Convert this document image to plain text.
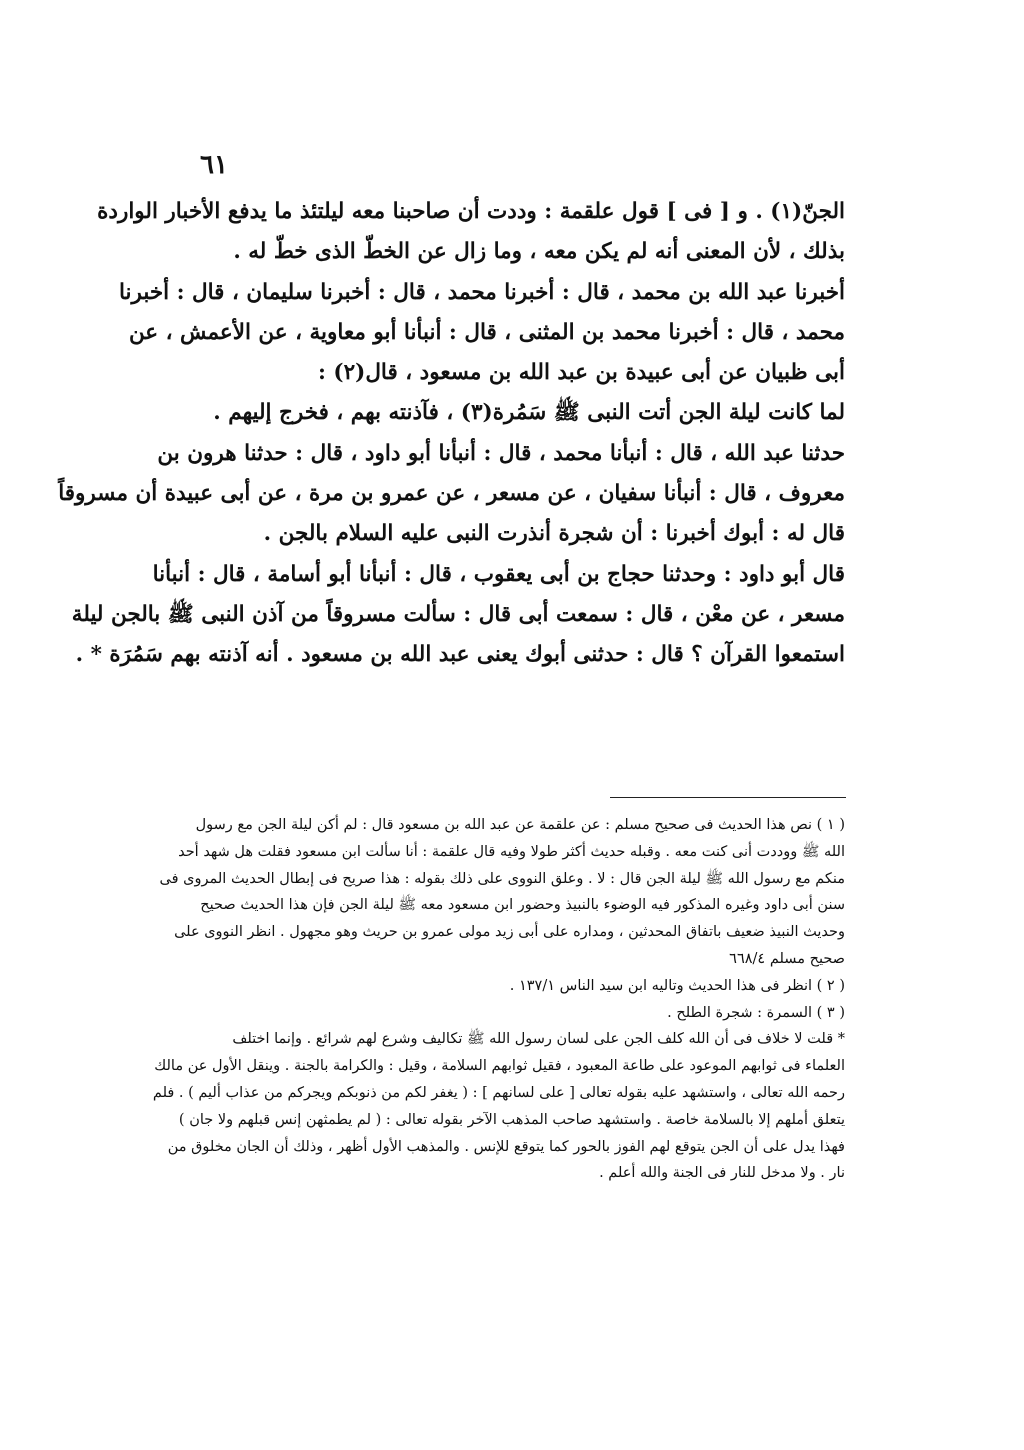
٦١
الجنّ(١) . و [ فى ] قول علقمة : وددت أن صاحبنا معه ليلتئذ ما يدفع الأخبار الواردة
بذلك ، لأن المعنى أنه لم يكن معه ، وما زال عن الخطّ الذى خطّ له .
أخبرنا عبد الله بن محمد ، قال : أخبرنا محمد ، قال : أخبرنا سليمان ، قال : أخبرنا
محمد ، قال : أخبرنا محمد بن المثنى ، قال : أنبأنا أبو معاوية ، عن الأعمش ، عن
أبى ظبيان عن أبى عبيدة بن عبد الله بن مسعود ، قال(٢) :
لما كانت ليلة الجن أتت النبى ﷺ سَمُرة(٣) ، فآذنته بهم ، فخرج إليهم .
حدثنا عبد الله ، قال : أنبأنا محمد ، قال : أنبأنا أبو داود ، قال : حدثنا هرون بن
معروف ، قال : أنبأنا سفيان ، عن مسعر ، عن عمرو بن مرة ، عن أبى عبيدة أن مسروقاً
قال له : أبوك أخبرنا : أن شجرة أنذرت النبى عليه السلام بالجن .
قال أبو داود : وحدثنا حجاج بن أبى يعقوب ، قال : أنبأنا أبو أسامة ، قال : أنبأنا
مسعر ، عن معْن ، قال : سمعت أبى قال : سألت مسروقاً من آذن النبى ﷺ بالجن ليلة
استمعوا القرآن ؟ قال : حدثنى أبوك يعنى عبد الله بن مسعود . أنه آذنته بهم سَمُرَة * .
( ١ ) نص هذا الحديث فى صحيح مسلم : عن علقمة عن عبد الله بن مسعود قال : لم أكن ليلة الجن مع رسول
الله ﷺ ووددت أنى كنت معه . وقبله حديث أكثر طولا وفيه قال علقمة : أنا سألت ابن مسعود فقلت هل شهد أحد
منكم مع رسول الله ﷺ ليلة الجن قال : لا . وعلق النووى على ذلك بقوله : هذا صريح فى إبطال الحديث المروى فى
سنن أبى داود وغيره المذكور فيه الوضوء بالنبيذ وحضور ابن مسعود معه ﷺ ليلة الجن فإن هذا الحديث صحيح
وحديث النبيذ ضعيف باتفاق المحدثين ، ومداره على أبى زيد مولى عمرو بن حريث وهو مجهول . انظر النووى على
صحيح مسلم ٦٦٨/٤
( ٢ ) انظر فى هذا الحديث وتاليه ابن سيد الناس ١٣٧/١ .
( ٣ ) السمرة : شجرة الطلح .
* قلت لا خلاف فى أن الله كلف الجن على لسان رسول الله ﷺ تكاليف وشرع لهم شرائع . وإنما اختلف
العلماء فى ثوابهم الموعود على طاعة المعبود ، فقيل ثوابهم السلامة ، وقيل : والكرامة بالجنة . وينقل الأول عن مالك
رحمه الله تعالى ، واستشهد عليه بقوله تعالى [ على لسانهم ] : ( يغفر لكم من ذنوبكم ويجركم من عذاب أليم ) . فلم
يتعلق أملهم إلا بالسلامة خاصة . واستشهد صاحب المذهب الآخر بقوله تعالى : ( لم يطمثهن إنس قبلهم ولا جان )
فهذا يدل على أن الجن يتوقع لهم الفوز بالحور كما يتوقع للإنس . والمذهب الأول أظهر ، وذلك أن الجان مخلوق من
نار . ولا مدخل للنار فى الجنة والله أعلم .
